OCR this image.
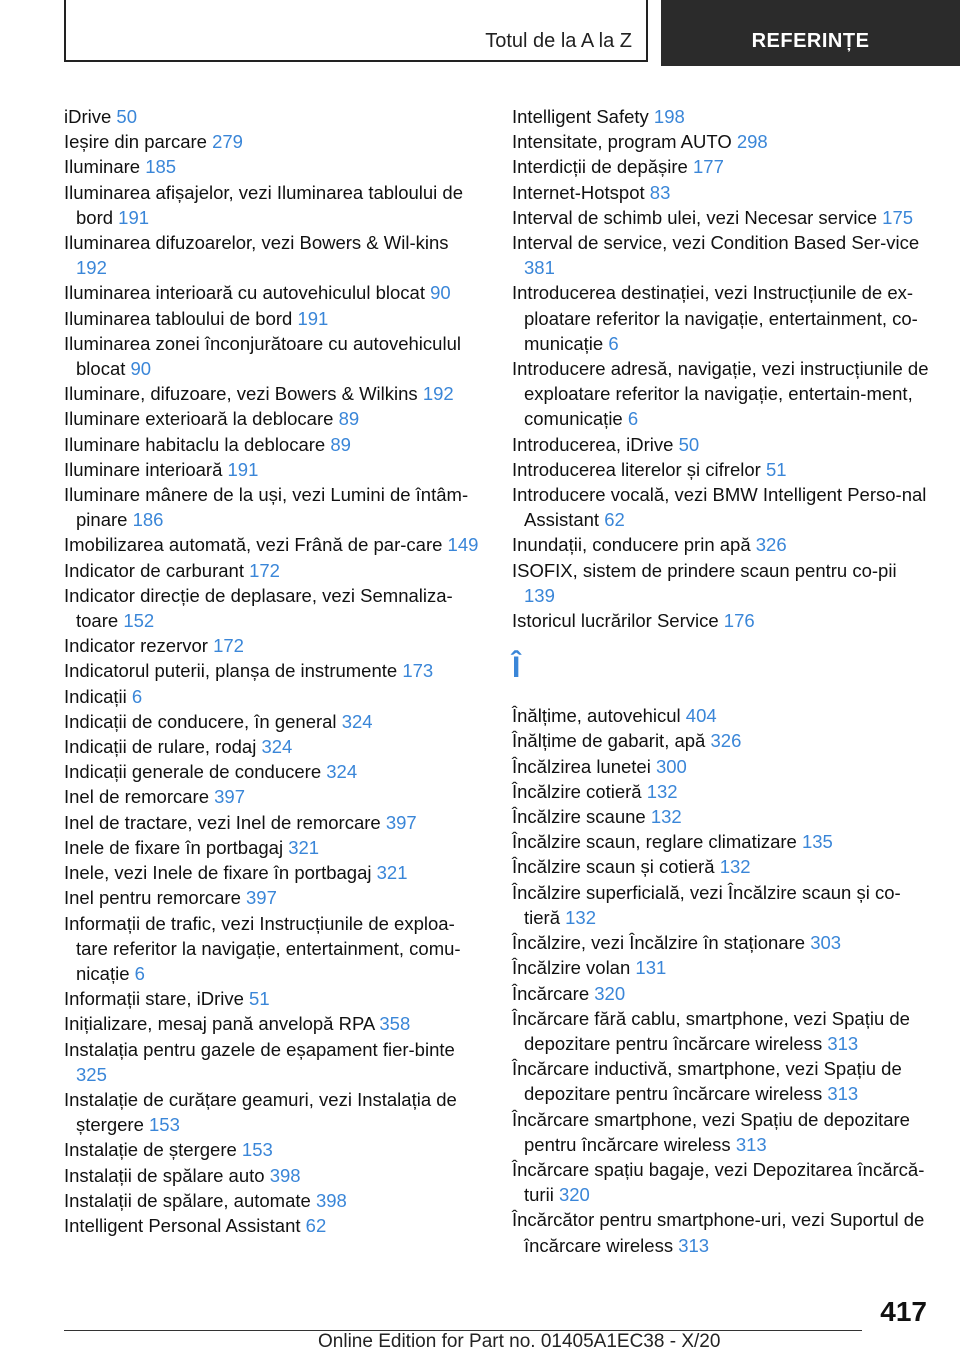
Totul de la A la Z	REFERINȚE

iDrive 50

Ieșire din parcare 279

Iluminare 185

Iluminarea afișajelor, vezi Iluminarea tabloului de bord 191

Iluminarea difuzoarelor, vezi Bowers & Wil‐kins 192

Iluminarea interioară cu autovehiculul blocat 90

Iluminarea tabloului de bord 191

Iluminarea zonei înconjurătoare cu autovehiculul blocat 90

Iluminare, difuzoare, vezi Bowers & Wilkins 192

Iluminare exterioară la deblocare 89

Iluminare habitaclu la deblocare 89

Iluminare interioară 191

Iluminare mânere de la uși, vezi Lumini de întâm‐pinare 186

Imobilizarea automată, vezi Frână de par‐care 149

Indicator de carburant 172

Indicator direcție de deplasare, vezi Semnaliza‐toare 152

Indicator rezervor 172

Indicatorul puterii, planșa de instrumente 173

Indicații 6

Indicații de conducere, în general 324

Indicații de rulare, rodaj 324

Indicații generale de conducere 324

Inel de remorcare 397

Inel de tractare, vezi Inel de remorcare 397

Inele de fixare în portbagaj 321

Inele, vezi Inele de fixare în portbagaj 321

Inel pentru remorcare 397

Informații de trafic, vezi Instrucțiunile de exploa‐tare referitor la navigație, entertainment, comu‐nicație 6

Informații stare, iDrive 51

Inițializare, mesaj pană anvelopă RPA 358

Instalația pentru gazele de eșapament fier‐binte 325

Instalație de curățare geamuri, vezi Instalația de ștergere 153

Instalație de ștergere 153

Instalații de spălare auto 398

Instalații de spălare, automate 398

Intelligent Personal Assistant 62

Intelligent Safety 198

Intensitate, program AUTO 298

Interdicții de depășire 177

Internet-Hotspot 83

Interval de schimb ulei, vezi Necesar service 175

Interval de service, vezi Condition Based Ser‐vice 381

Introducerea destinației, vezi Instrucțiunile de ex‐ploatare referitor la navigație, entertainment, co‐municație 6

Introducere adresă, navigație, vezi instrucțiunile de exploatare referitor la navigație, entertain‐ment, comunicație 6

Introducerea, iDrive 50

Introducerea literelor și cifrelor 51

Introducere vocală, vezi BMW Intelligent Perso‐nal Assistant 62

Inundații, conducere prin apă 326

ISOFIX, sistem de prindere scaun pentru co‐pii 139

Istoricul lucrărilor Service 176

Î

Înălțime, autovehicul 404

Înălțime de gabarit, apă 326

Încălzirea lunetei 300

Încălzire cotieră 132

Încălzire scaune 132

Încălzire scaun, reglare climatizare 135

Încălzire scaun și cotieră 132

Încălzire superficială, vezi Încălzire scaun și co‐tieră 132

Încălzire, vezi Încălzire în staționare 303

Încălzire volan 131

Încărcare 320

Încărcare fără cablu, smartphone, vezi Spațiu de depozitare pentru încărcare wireless 313

Încărcare inductivă, smartphone, vezi Spațiu de depozitare pentru încărcare wireless 313

Încărcare smartphone, vezi Spațiu de depozitare pentru încărcare wireless 313

Încărcare spațiu bagaje, vezi Depozitarea încărcă‐turii 320

Încărcător pentru smartphone-uri, vezi Suportul de încărcare wireless 313

417
Online Edition for Part no. 01405A1EC38 - X/20
